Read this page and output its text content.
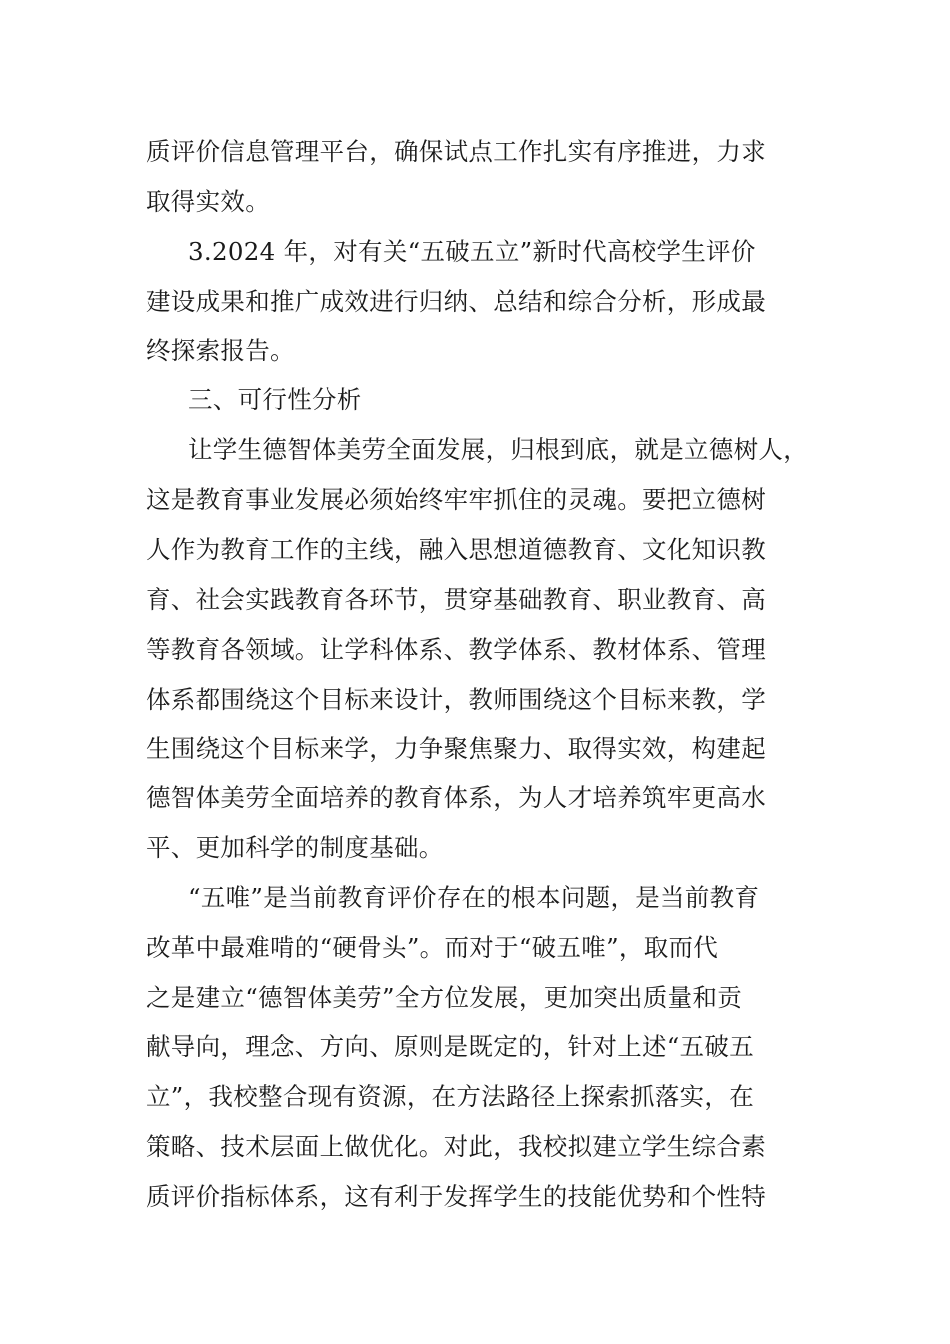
质评价信息管理平台，确保试点工作扎实有序推进，力求
取得实效。
3.2024 年，对有关“五破五立”新时代高校学生评价
建设成果和推广成效进行归纳、总结和综合分析，形成最
终探索报告。
三、可行性分析
让学生德智体美劳全面发展，归根到底，就是立德树人，
这是教育事业发展必须始终牢牢抓住的灵魂。要把立德树
人作为教育工作的主线，融入思想道德教育、文化知识教
育、社会实践教育各环节，贯穿基础教育、职业教育、高
等教育各领域。让学科体系、教学体系、教材体系、管理
体系都围绕这个目标来设计，教师围绕这个目标来教，学
生围绕这个目标来学，力争聚焦聚力、取得实效，构建起
德智体美劳全面培养的教育体系，为人才培养筑牢更高水
平、更加科学的制度基础。
“五唯”是当前教育评价存在的根本问题，是当前教育
改革中最难啃的“硬骨头”。而对于“破五唯”，取而代
之是建立“德智体美劳”全方位发展，更加突出质量和贡
献导向，理念、方向、原则是既定的，针对上述“五破五
立”，我校整合现有资源，在方法路径上探索抓落实，在
策略、技术层面上做优化。对此，我校拟建立学生综合素
质评价指标体系，这有利于发挥学生的技能优势和个性特
